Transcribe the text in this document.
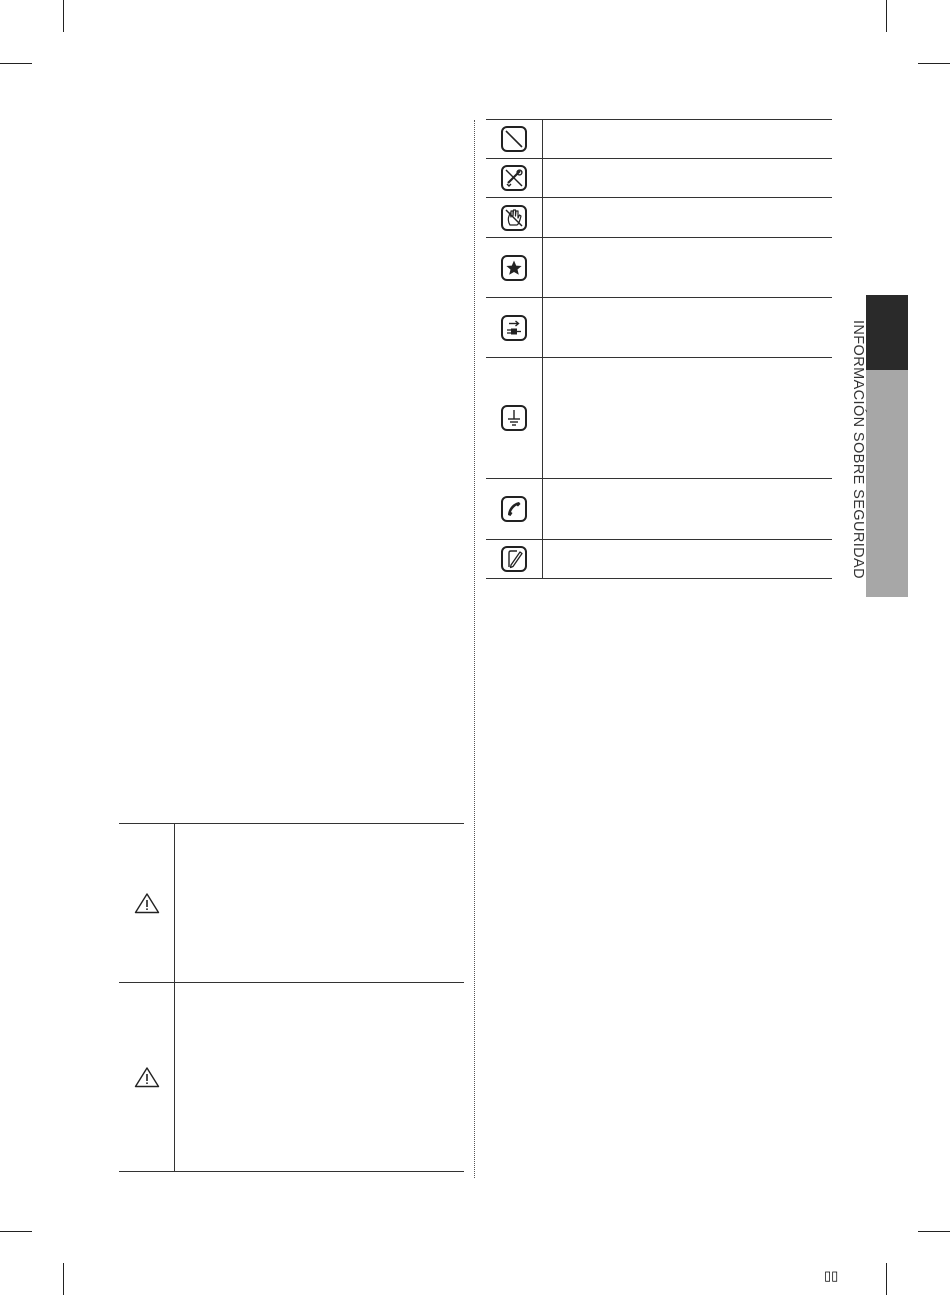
INFORMACIÓN SOBRE SEGURIDAD
▯▯
